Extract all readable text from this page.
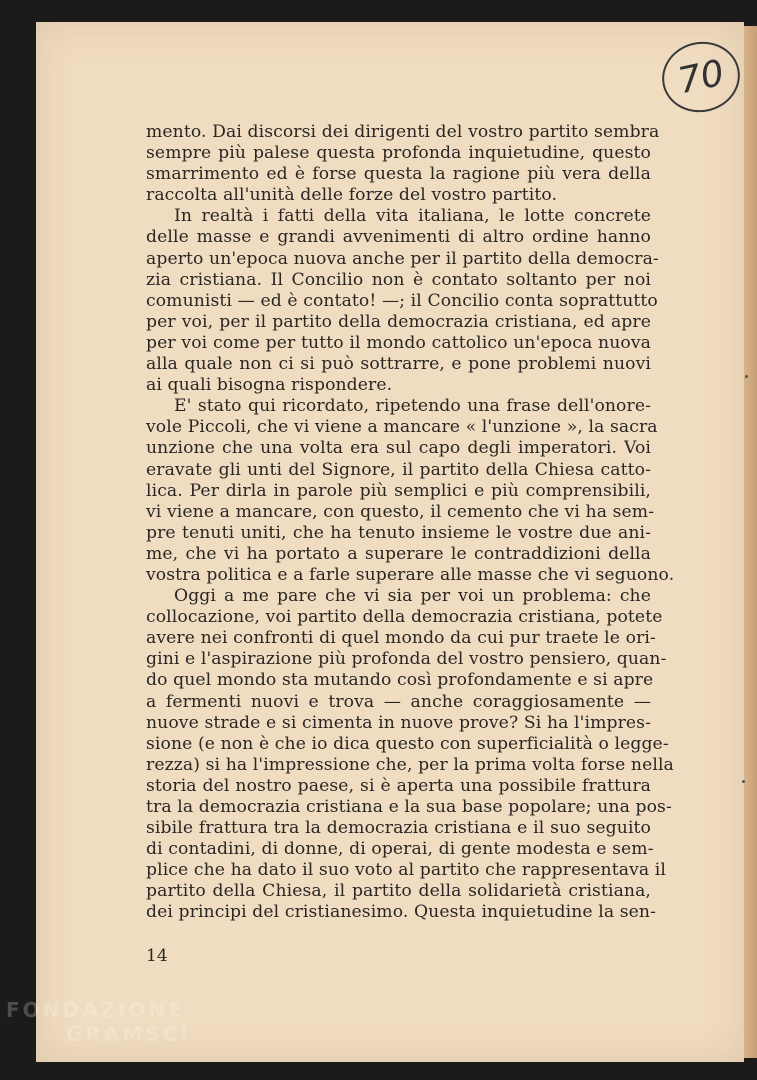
70
mento. Dai discorsi dei dirigenti del vostro partito sembra
sempre più palese questa profonda inquietudine, questo
smarrimento ed è forse questa la ragione più vera della
raccolta all'unità delle forze del vostro partito.
In realtà i fatti della vita italiana, le lotte concrete
delle masse e grandi avvenimenti di altro ordine hanno
aperto un'epoca nuova anche per il partito della democra-
zia cristiana. Il Concilio non è contato soltanto per noi
comunisti — ed è contato! —; il Concilio conta soprattutto
per voi, per il partito della democrazia cristiana, ed apre
per voi come per tutto il mondo cattolico un'epoca nuova
alla quale non ci si può sottrarre, e pone problemi nuovi
ai quali bisogna rispondere.
E' stato qui ricordato, ripetendo una frase dell'onore-
vole Piccoli, che vi viene a mancare « l'unzione », la sacra
unzione che una volta era sul capo degli imperatori. Voi
eravate gli unti del Signore, il partito della Chiesa catto-
lica. Per dirla in parole più semplici e più comprensibili,
vi viene a mancare, con questo, il cemento che vi ha sem-
pre tenuti uniti, che ha tenuto insieme le vostre due ani-
me, che vi ha portato a superare le contraddizioni della
vostra politica e a farle superare alle masse che vi seguono.
Oggi a me pare che vi sia per voi un problema: che
collocazione, voi partito della democrazia cristiana, potete
avere nei confronti di quel mondo da cui pur traete le ori-
gini e l'aspirazione più profonda del vostro pensiero, quan-
do quel mondo sta mutando così profondamente e si apre
a fermenti nuovi e trova — anche coraggiosamente —
nuove strade e si cimenta in nuove prove? Si ha l'impres-
sione (e non è che io dica questo con superficialità o legge-
rezza) si ha l'impressione che, per la prima volta forse nella
storia del nostro paese, si è aperta una possibile frattura
tra la democrazia cristiana e la sua base popolare; una pos-
sibile frattura tra la democrazia cristiana e il suo seguito
di contadini, di donne, di operai, di gente modesta e sem-
plice che ha dato il suo voto al partito che rappresentava il
partito della Chiesa, il partito della solidarietà cristiana,
dei principi del cristianesimo. Questa inquietudine la sen-
14
FONDAZIONE
GRAMSCI
